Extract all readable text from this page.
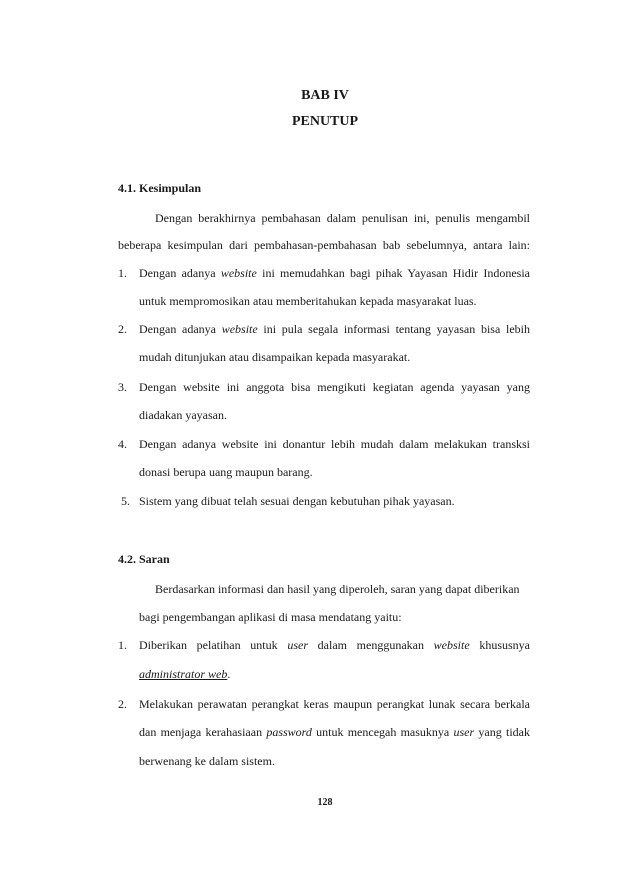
BAB IV
PENUTUP
4.1. Kesimpulan
Dengan berakhirnya pembahasan dalam penulisan ini, penulis mengambil
beberapa kesimpulan dari pembahasan-pembahasan bab sebelumnya, antara lain:
1. Dengan adanya website ini memudahkan bagi pihak Yayasan Hidir Indonesia
untuk mempromosikan atau memberitahukan kepada masyarakat luas.
2. Dengan adanya website ini pula segala informasi tentang yayasan bisa lebih
mudah ditunjukan atau disampaikan kepada masyarakat.
3. Dengan website ini anggota bisa mengikuti kegiatan agenda yayasan yang
diadakan yayasan.
4. Dengan adanya website ini donantur lebih mudah dalam melakukan transksi
donasi berupa uang maupun barang.
5. Sistem yang dibuat telah sesuai dengan kebutuhan pihak yayasan.
4.2. Saran
Berdasarkan informasi dan hasil yang diperoleh, saran yang dapat diberikan
bagi pengembangan aplikasi di masa mendatang yaitu:
1. Diberikan pelatihan untuk user dalam menggunakan website khususnya
administrator web.
2. Melakukan perawatan perangkat keras maupun perangkat lunak secara berkala
dan menjaga kerahasiaan password untuk mencegah masuknya user yang tidak
berwenang ke dalam sistem.
128
